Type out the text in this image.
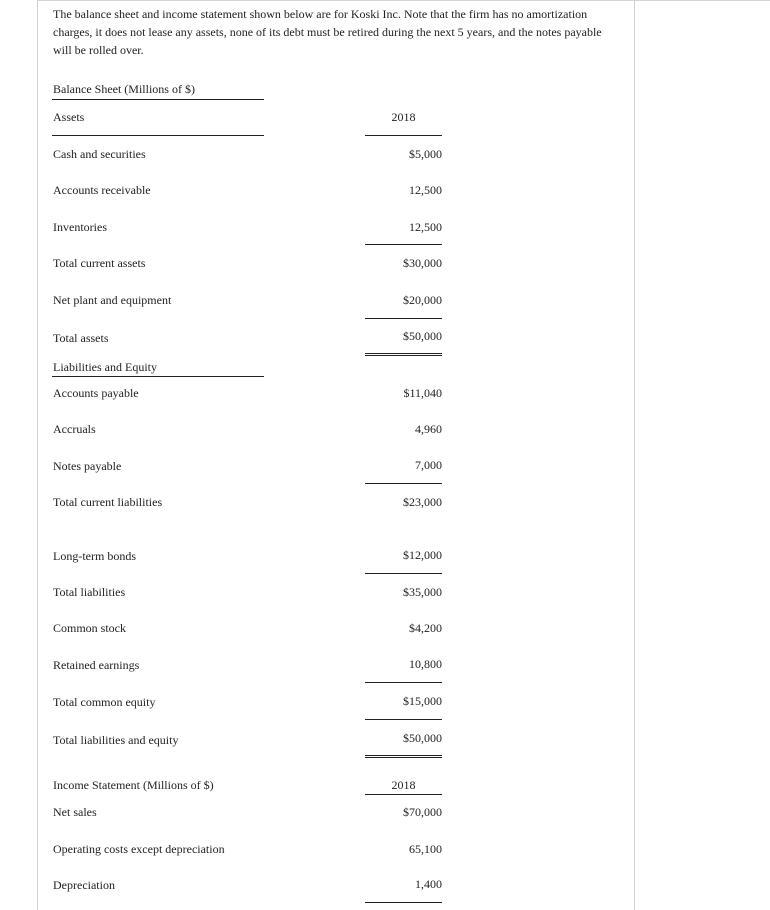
The balance sheet and income statement shown below are for Koski Inc. Note that the firm has no amortization charges, it does not lease any assets, none of its debt must be retired during the next 5 years, and the notes payable will be rolled over.
Balance Sheet (Millions of $)
Assets	2018
Cash and securities	$5,000
Accounts receivable	12,500
Inventories	12,500
Total current assets	$30,000
Net plant and equipment	$20,000
Total assets	$50,000
Liabilities and Equity
Accounts payable	$11,040
Accruals	4,960
Notes payable	7,000
Total current liabilities	$23,000
Long-term bonds	$12,000
Total liabilities	$35,000
Common stock	$4,200
Retained earnings	10,800
Total common equity	$15,000
Total liabilities and equity	$50,000
Income Statement (Millions of $)	2018
Net sales	$70,000
Operating costs except depreciation	65,100
Depreciation	1,400
